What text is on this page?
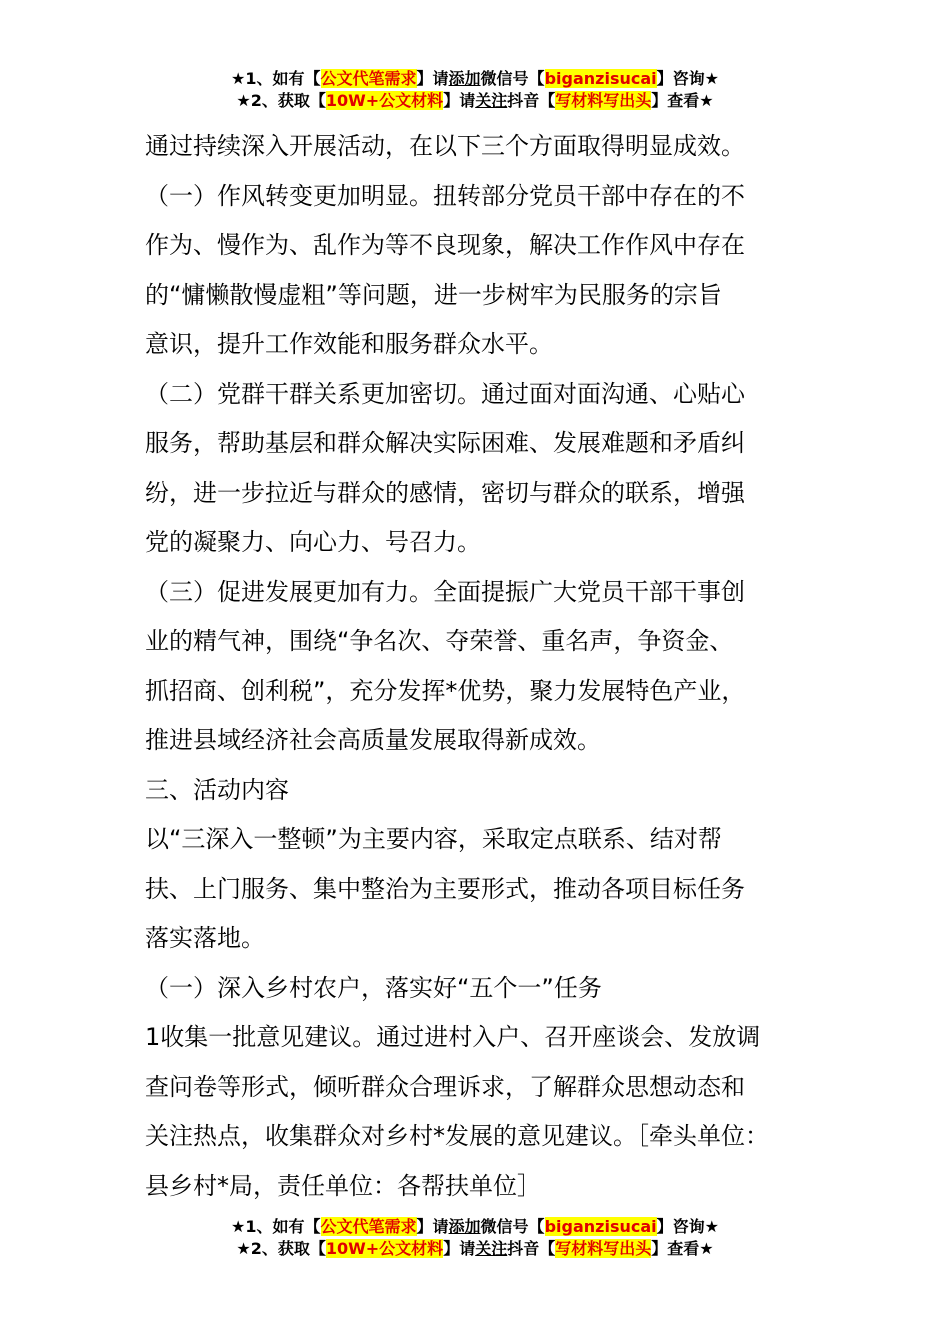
★1、如有【公文代笔需求】请添加微信号【biganzisucai】咨询★
★2、获取【10W+公文材料】请关注抖音【写材料写出头】查看★

通过持续深入开展活动，在以下三个方面取得明显成效。

（一）作风转变更加明显。扭转部分党员干部中存在的不

作为、慢作为、乱作为等不良现象，解决工作作风中存在

的“慵懒散慢虚粗”等问题，进一步树牢为民服务的宗旨

意识，提升工作效能和服务群众水平。

（二）党群干群关系更加密切。通过面对面沟通、心贴心

服务，帮助基层和群众解决实际困难、发展难题和矛盾纠

纷，进一步拉近与群众的感情，密切与群众的联系，增强

党的凝聚力、向心力、号召力。

（三）促进发展更加有力。全面提振广大党员干部干事创

业的精气神，围绕“争名次、夺荣誉、重名声，争资金、

抓招商、创利税”，充分发挥*优势，聚力发展特色产业，

推进县域经济社会高质量发展取得新成效。

三、活动内容

以“三深入一整顿”为主要内容，采取定点联系、结对帮

扶、上门服务、集中整治为主要形式，推动各项目标任务

落实落地。

（一）深入乡村农户，落实好“五个一”任务

1收集一批意见建议。通过进村入户、召开座谈会、发放调

查问卷等形式，倾听群众合理诉求，了解群众思想动态和

关注热点，收集群众对乡村*发展的意见建议。［牵头单位：

县乡村*局，责任单位：各帮扶单位］

★1、如有【公文代笔需求】请添加微信号【biganzisucai】咨询★
★2、获取【10W+公文材料】请关注抖音【写材料写出头】查看★
